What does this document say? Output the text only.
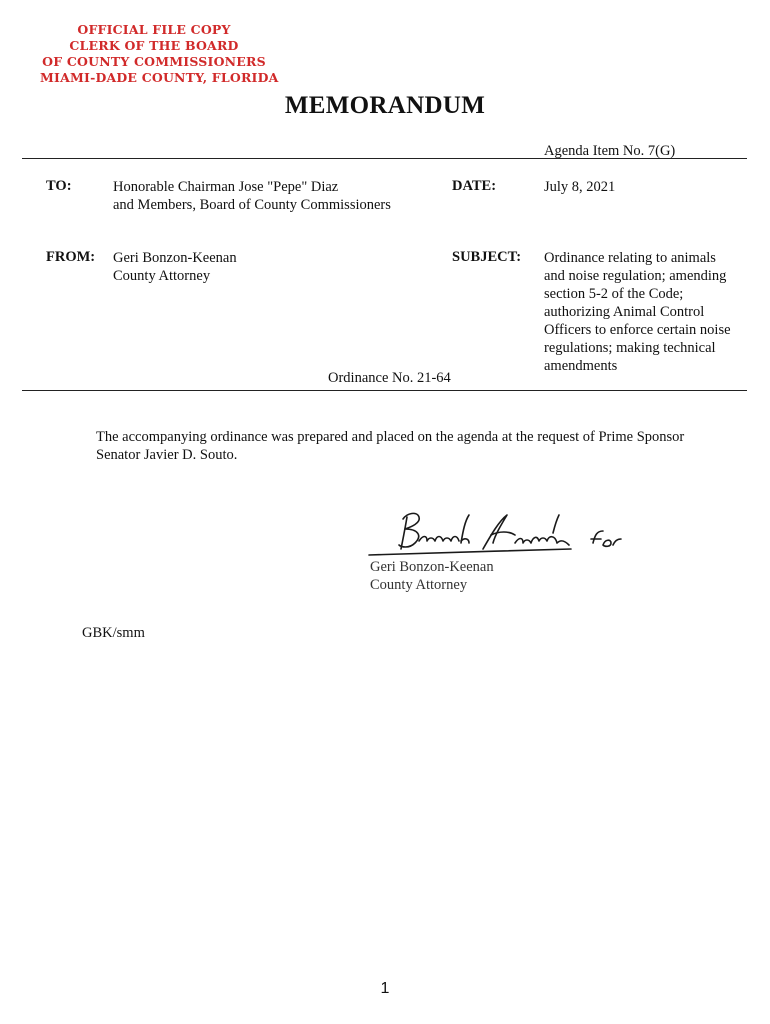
OFFICIAL FILE COPY
CLERK OF THE BOARD
OF COUNTY COMMISSIONERS
MIAMI-DADE COUNTY, FLORIDA
MEMORANDUM
Agenda Item No. 7(G)
TO:	Honorable Chairman Jose "Pepe" Diaz
and Members, Board of County Commissioners
DATE:	July 8, 2021
FROM: Geri Bonzon-Keenan
County Attorney
SUBJECT: Ordinance relating to animals
and noise regulation; amending
section 5-2 of the Code;
authorizing Animal Control
Officers to enforce certain noise
regulations; making technical
amendments
Ordinance No. 21-64
The accompanying ordinance was prepared and placed on the agenda at the request of Prime Sponsor
Senator Javier D. Souto.
Geri Bonzon-Keenan
County Attorney
GBK/smm
1
